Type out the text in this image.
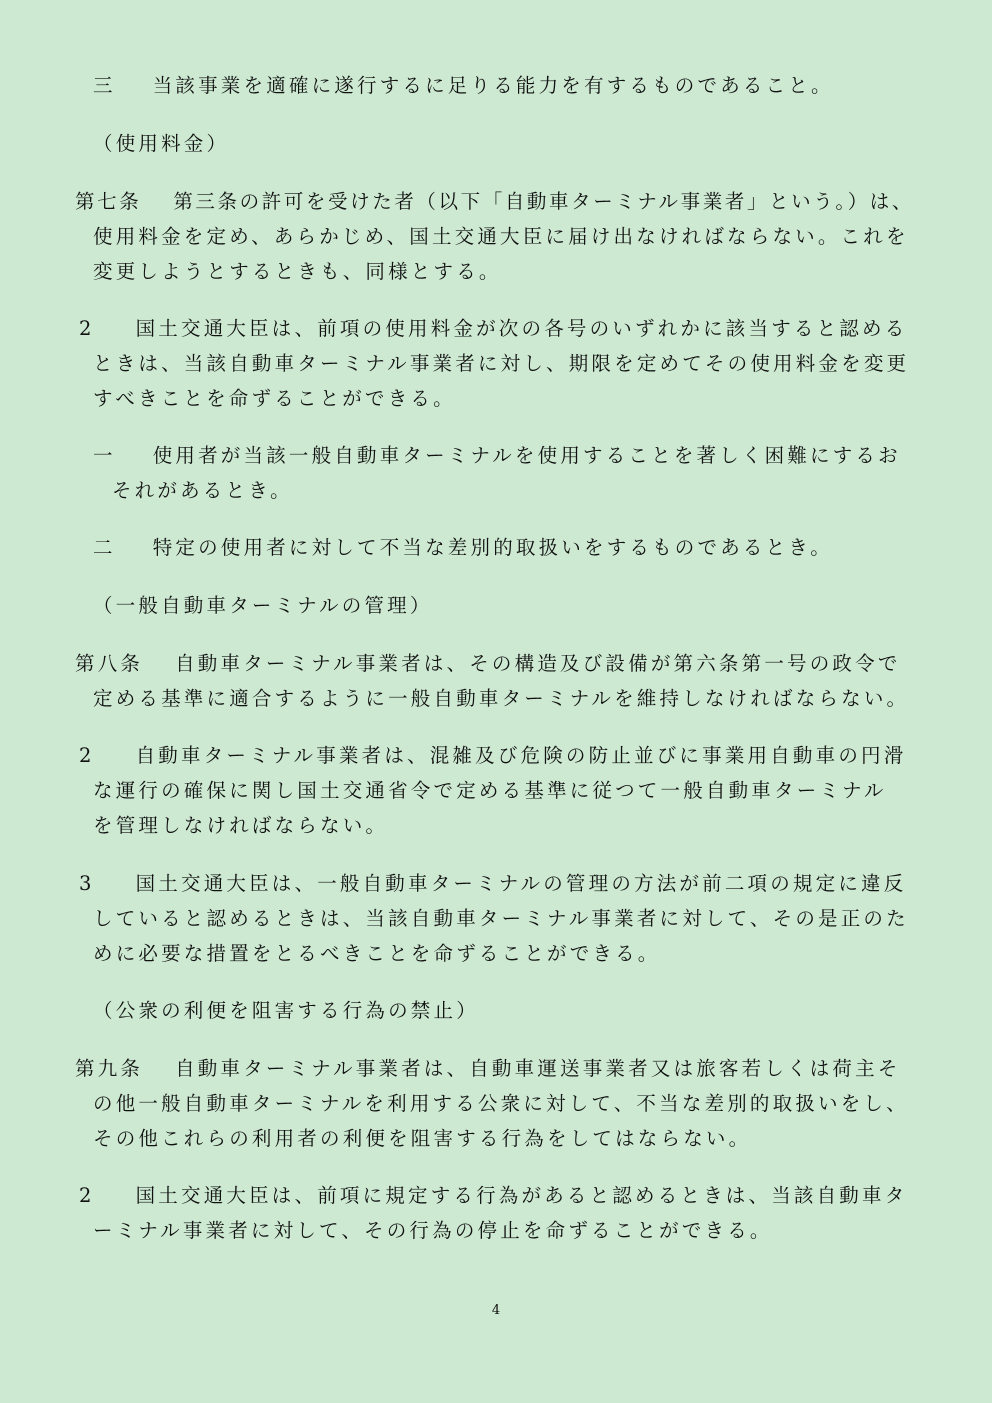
三 当該事業を適確に遂行するに足りる能力を有するものであること。
（使用料金）
第七条 第三条の許可を受けた者（以下「自動車ターミナル事業者」という。）は、
使用料金を定め、あらかじめ、国土交通大臣に届け出なければならない。これを
変更しようとするときも、同様とする。
2 国土交通大臣は、前項の使用料金が次の各号のいずれかに該当すると認める
ときは、当該自動車ターミナル事業者に対し、期限を定めてその使用料金を変更
すべきことを命ずることができる。
一 使用者が当該一般自動車ターミナルを使用することを著しく困難にするお
それがあるとき。
二 特定の使用者に対して不当な差別的取扱いをするものであるとき。
（一般自動車ターミナルの管理）
第八条 自動車ターミナル事業者は、その構造及び設備が第六条第一号の政令で
定める基準に適合するように一般自動車ターミナルを維持しなければならない。
2 自動車ターミナル事業者は、混雑及び危険の防止並びに事業用自動車の円滑
な運行の確保に関し国土交通省令で定める基準に従つて一般自動車ターミナル
を管理しなければならない。
3 国土交通大臣は、一般自動車ターミナルの管理の方法が前二項の規定に違反
していると認めるときは、当該自動車ターミナル事業者に対して、その是正のた
めに必要な措置をとるべきことを命ずることができる。
（公衆の利便を阻害する行為の禁止）
第九条 自動車ターミナル事業者は、自動車運送事業者又は旅客若しくは荷主そ
の他一般自動車ターミナルを利用する公衆に対して、不当な差別的取扱いをし、
その他これらの利用者の利便を阻害する行為をしてはならない。
2 国土交通大臣は、前項に規定する行為があると認めるときは、当該自動車タ
ーミナル事業者に対して、その行為の停止を命ずることができる。
4
